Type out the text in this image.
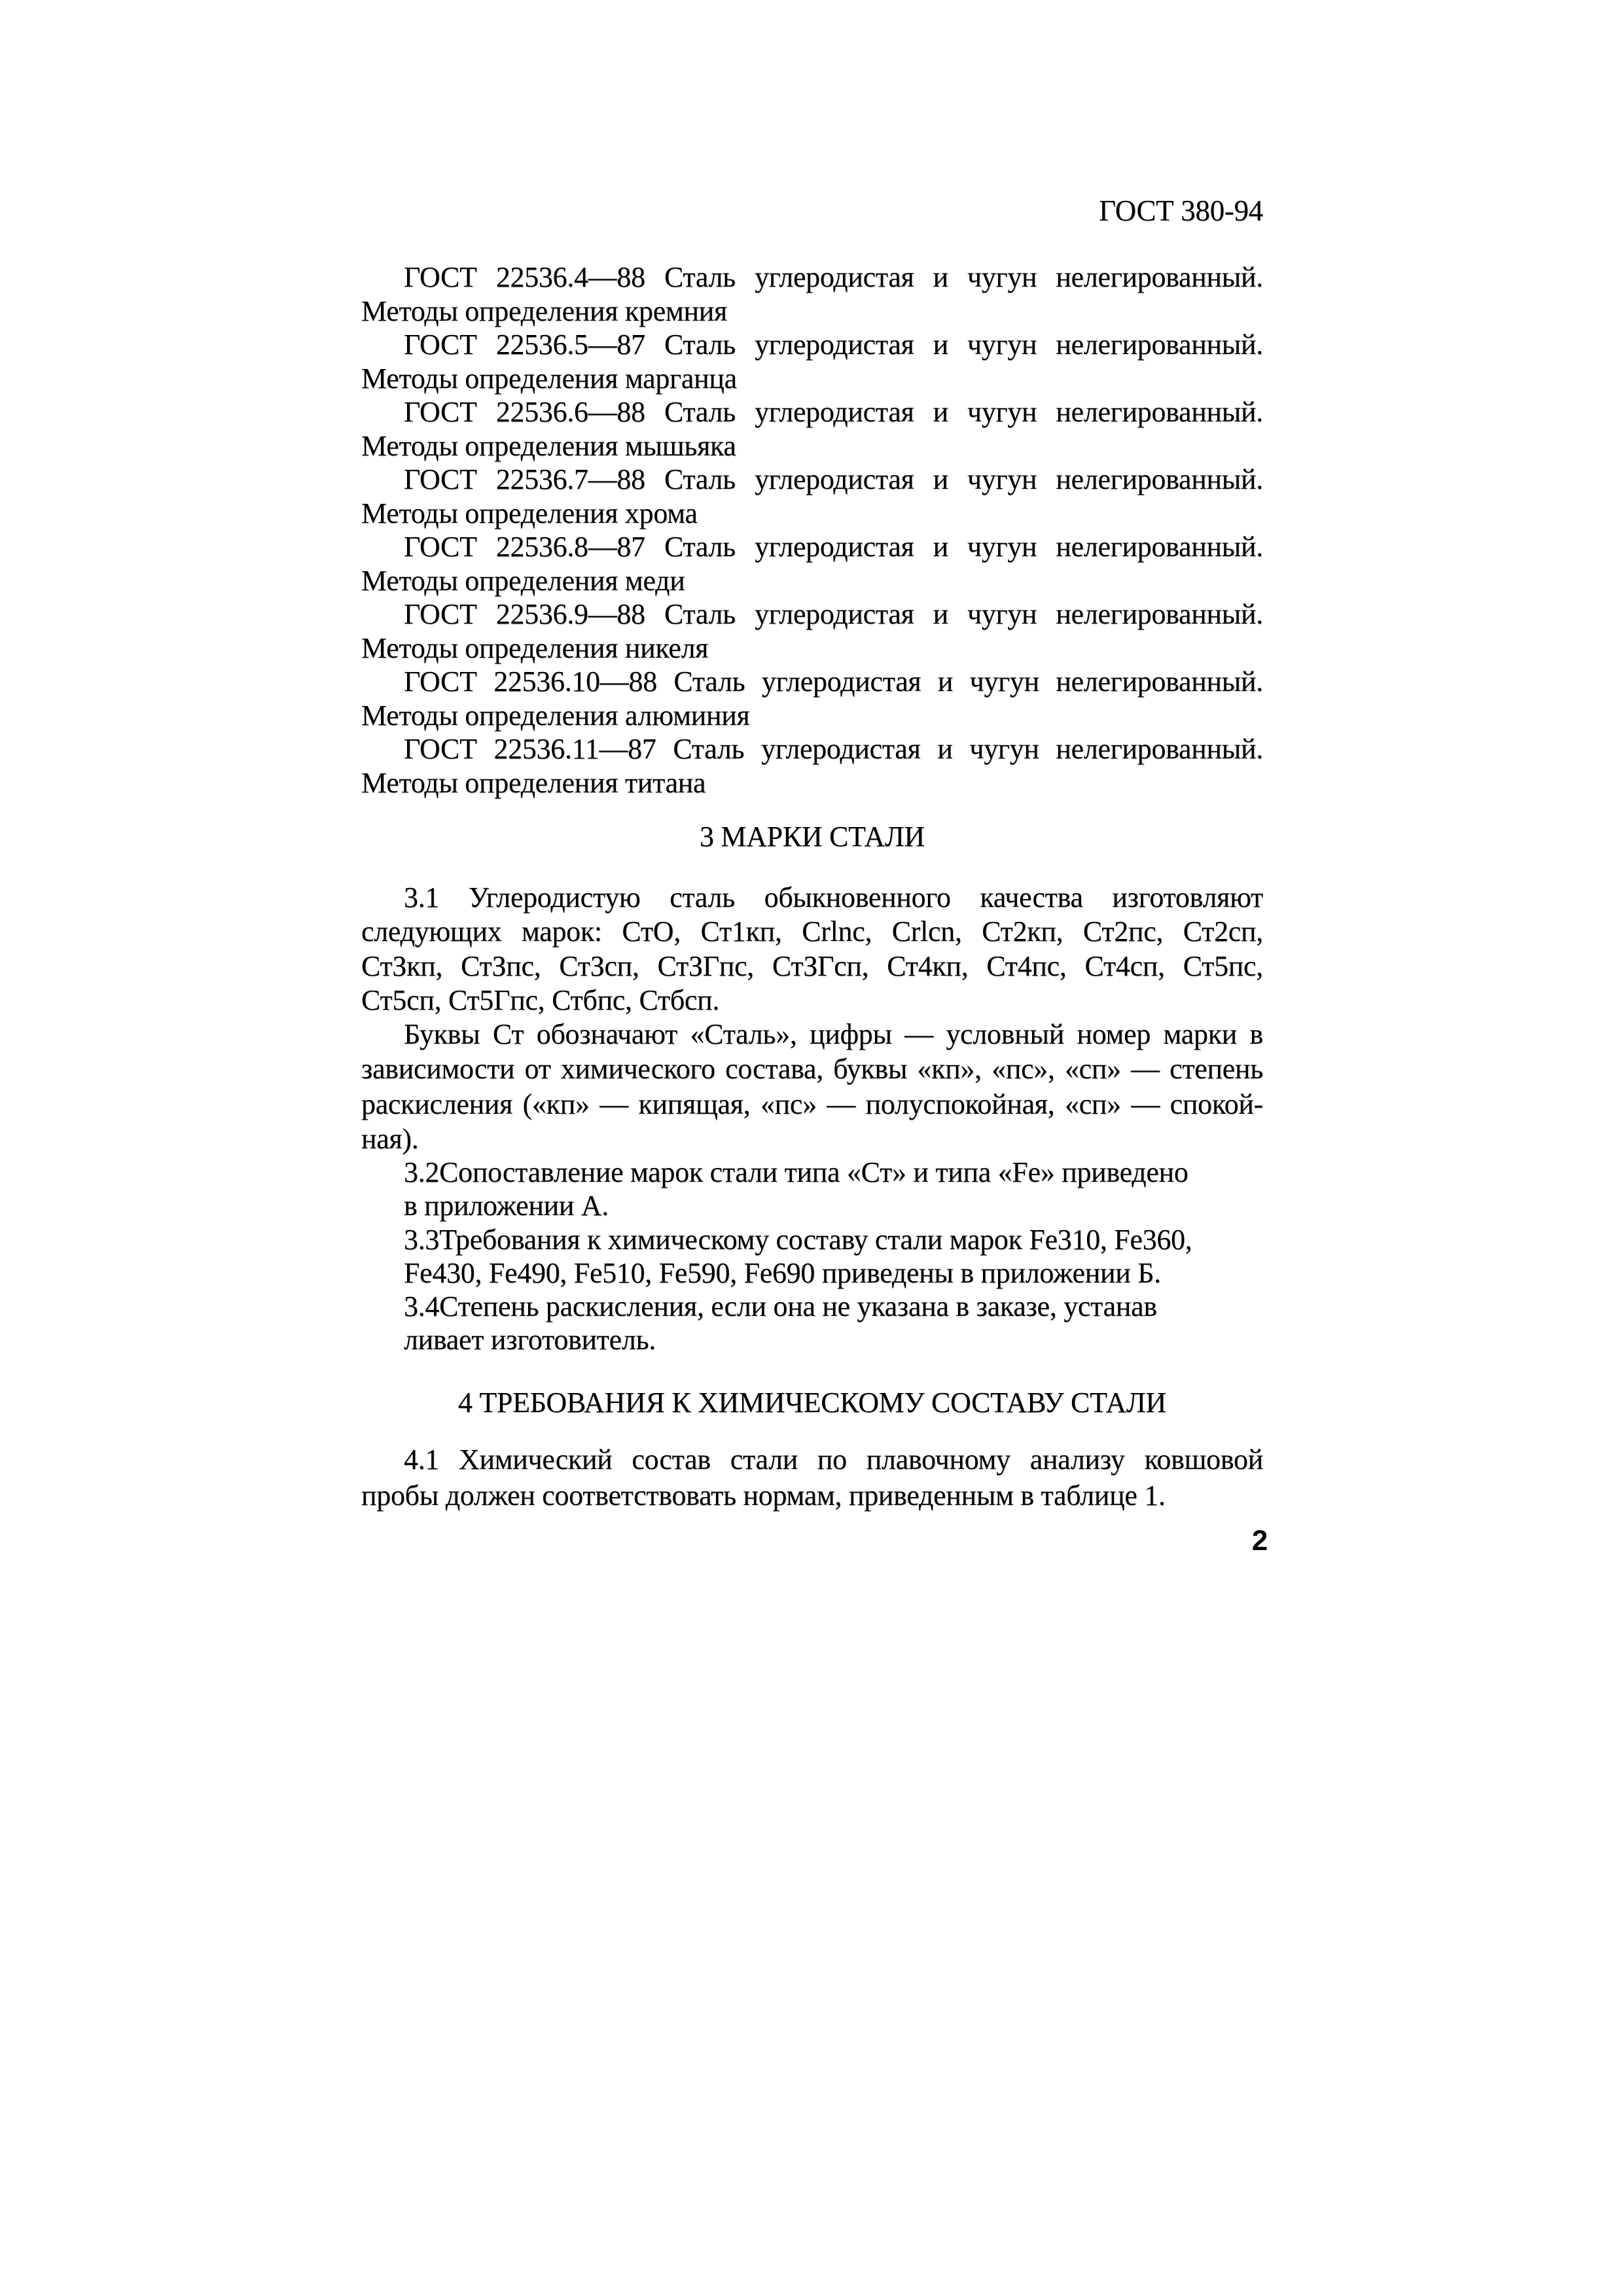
ГОСТ 380-94
ГОСТ 22536.4—88 Сталь углеродистая и чугун нелегированный.
Методы определения кремния
ГОСТ 22536.5—87 Сталь углеродистая и чугун нелегированный.
Методы определения марганца
ГОСТ 22536.6—88 Сталь углеродистая и чугун нелегированный.
Методы определения мышьяка
ГОСТ 22536.7—88 Сталь углеродистая и чугун нелегированный.
Методы определения хрома
ГОСТ 22536.8—87 Сталь углеродистая и чугун нелегированный.
Методы определения меди
ГОСТ 22536.9—88 Сталь углеродистая и чугун нелегированный.
Методы определения никеля
ГОСТ 22536.10—88 Сталь углеродистая и чугун нелегированный.
Методы определения алюминия
ГОСТ 22536.11—87 Сталь углеродистая и чугун нелегированный.
Методы определения титана
3 МАРКИ СТАЛИ
3.1 Углеродистую сталь обыкновенного качества изготовляют
следующих марок: СтО, Ст1кп, Crlnc, Crlcn, Ст2кп, Ст2пс, Ст2сп,
СтЗкп, СтЗпс, СтЗсп, СтЗГпс, СтЗГсп, Ст4кп, Ст4пс, Ст4сп, Ст5пс,
Ст5сп, Ст5Гпс, Стбпс, Стбсп.
Буквы Ст обозначают «Сталь», цифры — условный номер марки в
зависимости от химического состава, буквы «кп», «пс», «сп» — степень
раскисления («кп» — кипящая, «пс» — полуспокойная, «сп» — спокой-
ная).
3.2Сопоставление марок стали типа «Ст» и типа «Fe» приведено
в приложении А.
3.3Требования к химическому составу стали марок Fe310, Fe360,
Fe430, Fe490, Fe510, Fe590, Fe690 приведены в приложении Б.
3.4Степень раскисления, если она не указана в заказе, устанав
ливает изготовитель.
4 ТРЕБОВАНИЯ К ХИМИЧЕСКОМУ СОСТАВУ СТАЛИ
4.1 Химический состав стали по плавочному анализу ковшовой
пробы должен соответствовать нормам, приведенным в таблице 1.
2
